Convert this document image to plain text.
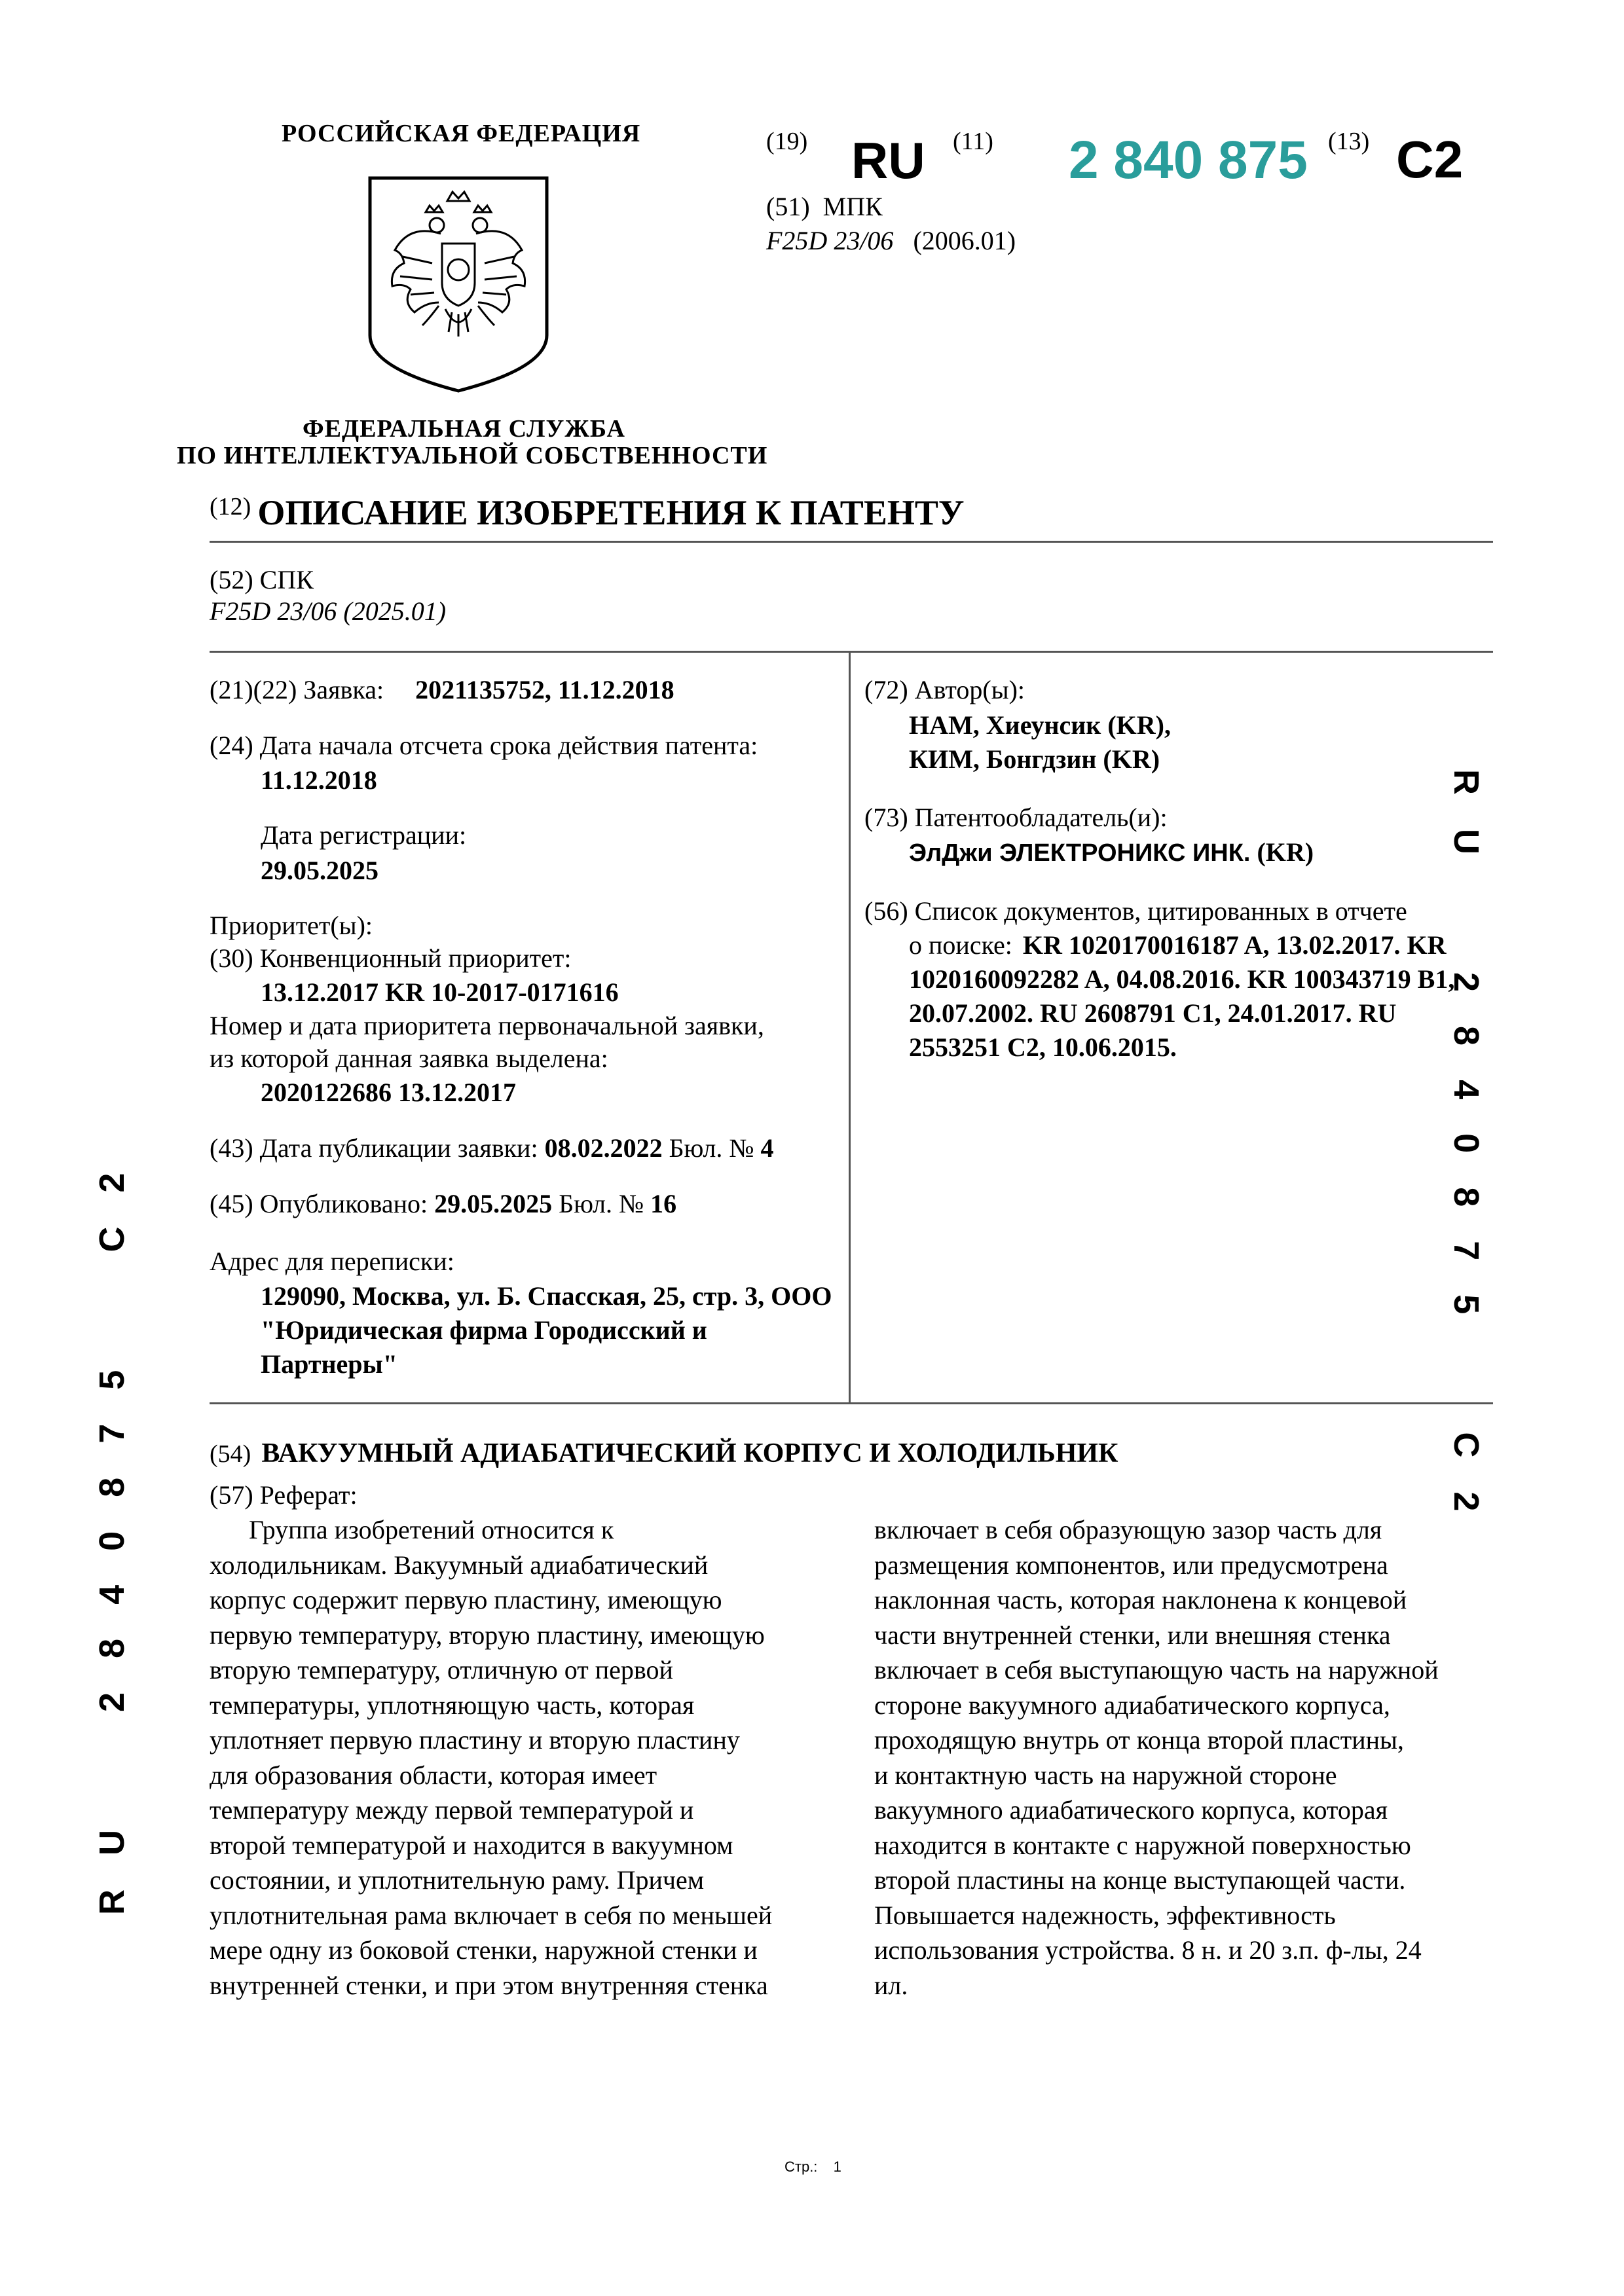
РОССИЙСКАЯ ФЕДЕРАЦИЯ
ФЕДЕРАЛЬНАЯ СЛУЖБА
ПО ИНТЕЛЛЕКТУАЛЬНОЙ СОБСТВЕННОСТИ
(19) RU (11) 2 840 875 (13) C2
(51) МПК
F25D 23/06 (2006.01)
(12) ОПИСАНИЕ ИЗОБРЕТЕНИЯ К ПАТЕНТУ
(52) СПК
F25D 23/06 (2025.01)
(21)(22) Заявка: 2021135752, 11.12.2018
(24) Дата начала отсчета срока действия патента:
11.12.2018
Дата регистрации:
29.05.2025
Приоритет(ы):
(30) Конвенционный приоритет:
13.12.2017 KR 10-2017-0171616
Номер и дата приоритета первоначальной заявки,
из которой данная заявка выделена:
2020122686 13.12.2017
(43) Дата публикации заявки: 08.02.2022 Бюл. № 4
(45) Опубликовано: 29.05.2025 Бюл. № 16
Адрес для переписки:
129090, Москва, ул. Б. Спасская, 25, стр. 3, ООО
"Юридическая фирма Городисский и
Партнеры"
(72) Автор(ы):
НАМ, Хиеунсик (KR),
КИМ, Бонгдзин (KR)
(73) Патентообладатель(и):
ЭлДжи ЭЛЕКТРОНИКС ИНК. (KR)
(56) Список документов, цитированных в отчете
о поиске: KR 1020170016187 A, 13.02.2017. KR
1020160092282 A, 04.08.2016. KR 100343719 B1,
20.07.2002. RU 2608791 C1, 24.01.2017. RU
2553251 C2, 10.06.2015.
RU2840875C2
RU2840875C2
(54) ВАКУУМНЫЙ АДИАБАТИЧЕСКИЙ КОРПУС И ХОЛОДИЛЬНИК
(57) Реферат:

Группа изобретений относится к

холодильникам. Вакуумный адиабатический

корпус содержит первую пластину, имеющую

первую температуру, вторую пластину, имеющую

вторую температуру, отличную от первой

температуры, уплотняющую часть, которая

уплотняет первую пластину и вторую пластину

для образования области, которая имеет

температуру между первой температурой и

второй температурой и находится в вакуумном

состоянии, и уплотнительную раму. Причем

уплотнительная рама включает в себя по меньшей

мере одну из боковой стенки, наружной стенки и

внутренней стенки, и при этом внутренняя стенка

включает в себя образующую зазор часть для

размещения компонентов, или предусмотрена

наклонная часть, которая наклонена к концевой

части внутренней стенки, или внешняя стенка

включает в себя выступающую часть на наружной

стороне вакуумного адиабатического корпуса,

проходящую внутрь от конца второй пластины,

и контактную часть на наружной стороне

вакуумного адиабатического корпуса, которая

находится в контакте с наружной поверхностью

второй пластины на конце выступающей части.

Повышается надежность, эффективность

использования устройства. 8 н. и 20 з.п. ф-лы, 24

ил.

Стр.: 1
